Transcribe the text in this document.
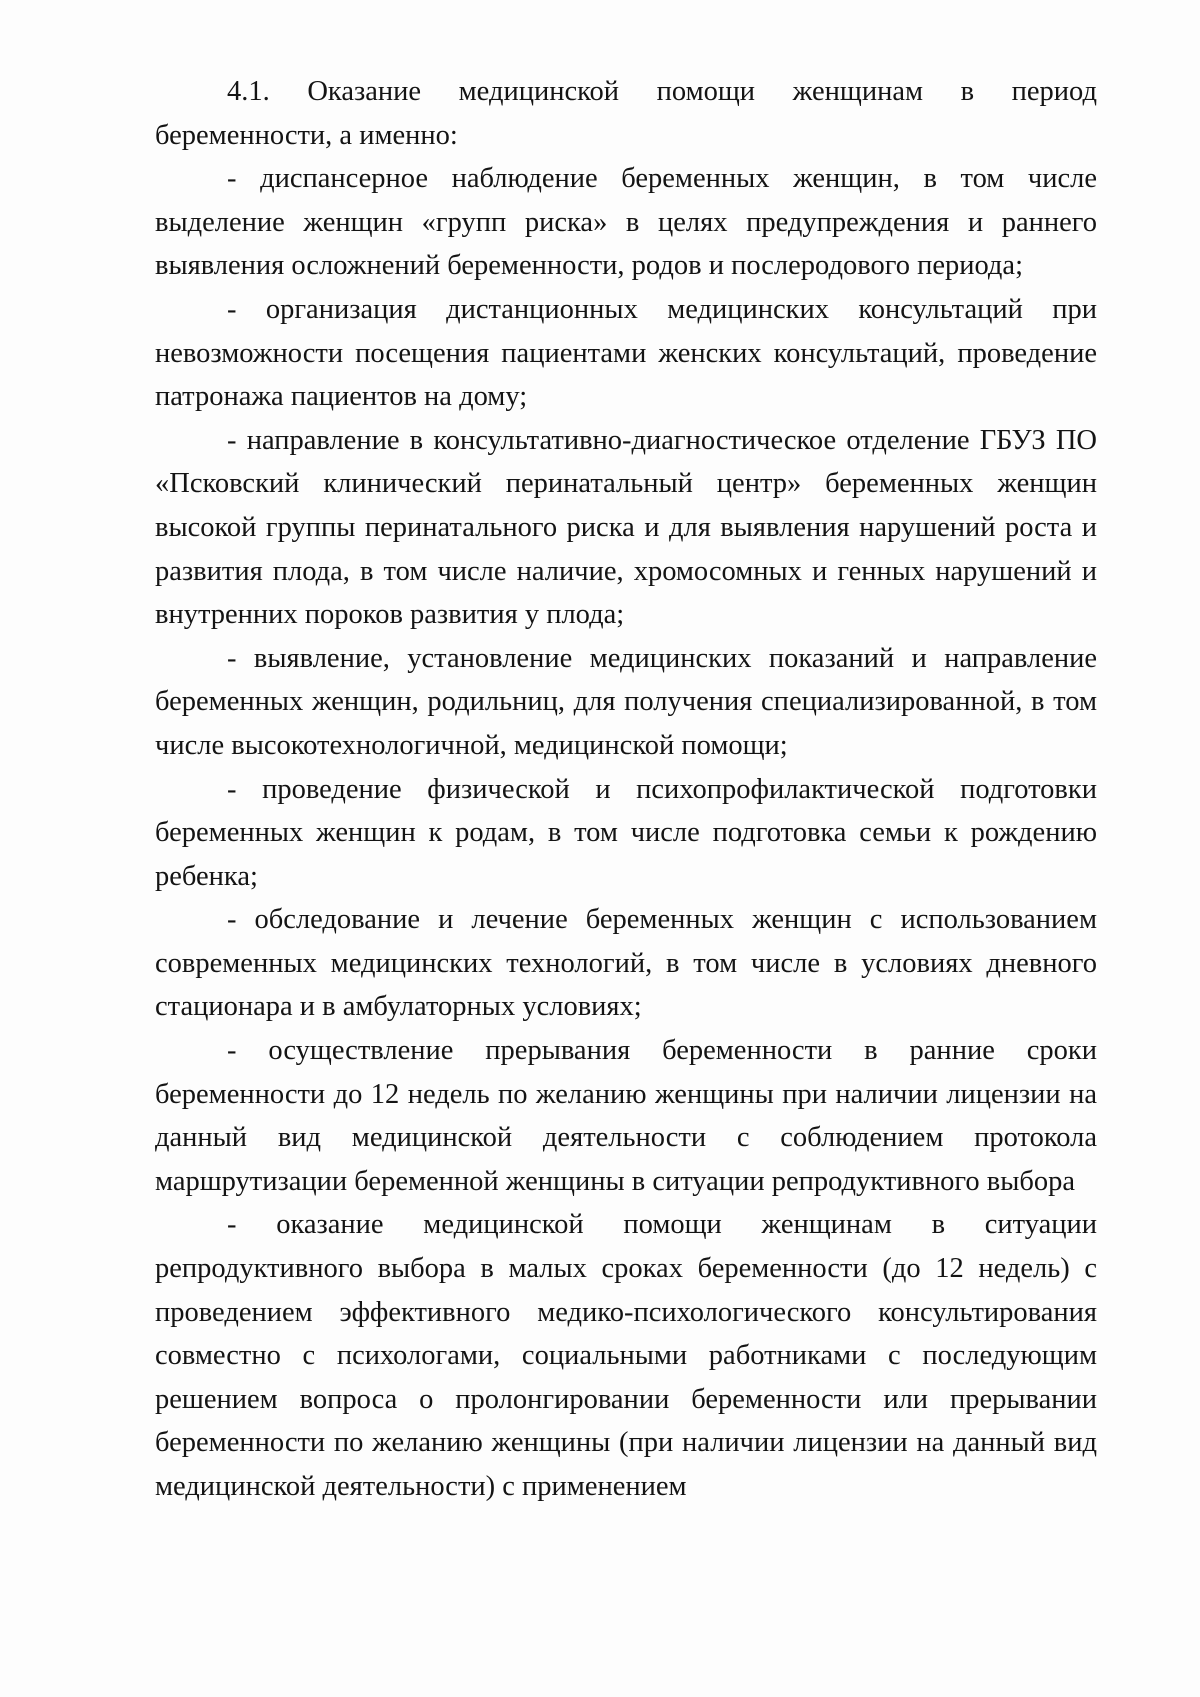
4.1. Оказание медицинской помощи женщинам в период беременности, а именно:

- диспансерное наблюдение беременных женщин, в том числе выделение женщин «групп риска» в целях предупреждения и раннего выявления осложнений беременности, родов и послеродового периода;

- организация дистанционных медицинских консультаций при невозможности посещения пациентами женских консультаций, проведение патронажа пациентов на дому;

- направление в консультативно-диагностическое отделение ГБУЗ ПО «Псковский клинический перинатальный центр» беременных женщин высокой группы перинатального риска и для выявления нарушений роста и развития плода, в том числе наличие, хромосомных и генных нарушений и внутренних пороков развития у плода;

- выявление, установление медицинских показаний и направление беременных женщин, родильниц, для получения специализированной, в том числе высокотехнологичной, медицинской помощи;

- проведение физической и психопрофилактической подготовки беременных женщин к родам, в том числе подготовка семьи к рождению ребенка;

- обследование и лечение беременных женщин с использованием современных медицинских технологий, в том числе в условиях дневного стационара и в амбулаторных условиях;

- осуществление прерывания беременности в ранние сроки беременности до 12 недель по желанию женщины при наличии лицензии на данный вид медицинской деятельности с соблюдением протокола маршрутизации беременной женщины в ситуации репродуктивного выбора

- оказание медицинской помощи женщинам в ситуации репродуктивного выбора в малых сроках беременности (до 12 недель) с проведением эффективного медико-психологического консультирования совместно с психологами, социальными работниками с последующим решением вопроса о пролонгировании беременности или прерывании беременности по желанию женщины (при наличии лицензии на данный вид медицинской деятельности) с применением
